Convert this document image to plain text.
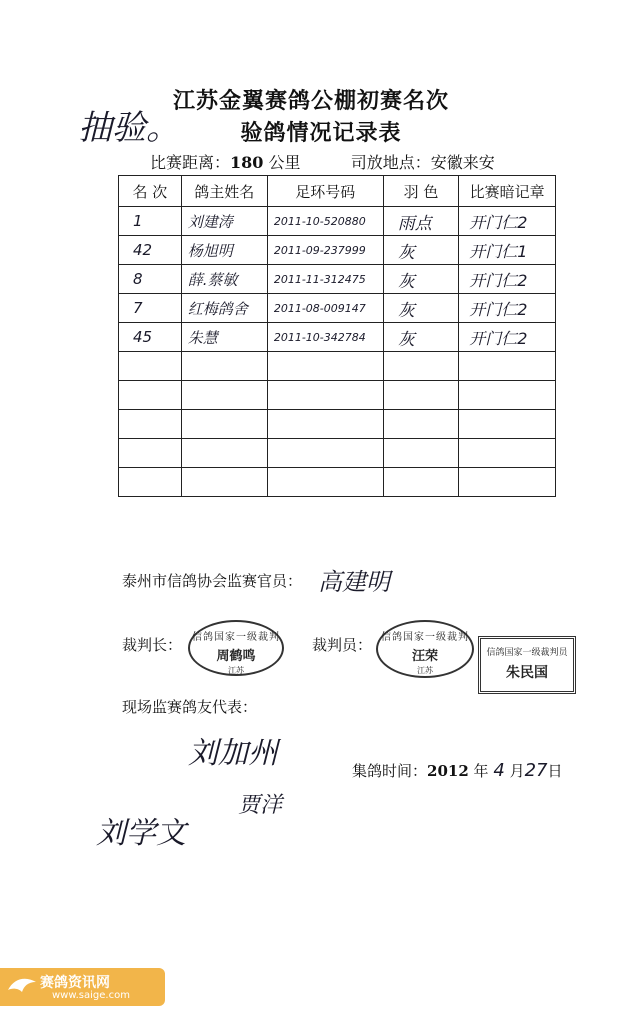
抽验。
江苏金翼赛鸽公棚初赛名次
验鸽情况记录表
比赛距离：180 公里	司放地点：安徽来安
名 次	鸽主姓名	足环号码	羽 色	比赛暗记章

1	刘建涛	2011-10-520880	雨点	开门仁2

42	杨旭明	2011-09-237999	灰	开门仁1

8	薛.蔡敏	2011-11-312475	灰	开门仁2

7	红梅鸽舍	2011-08-009147	灰	开门仁2

45	朱慧	2011-10-342784	灰	开门仁2

泰州市信鸽协会监赛官员： 高建明
裁判长： 信鸽国家一级裁判
周鹤鸣
江苏
裁判员： 信鸽国家一级裁判
汪荣
江苏
信鸽国家一级裁判员
朱民国
现场监赛鸽友代表：
刘加州
贾洋
刘学文
集鸽时间：2012 年 4 月27日
赛鸽资讯网
www.saige.com
